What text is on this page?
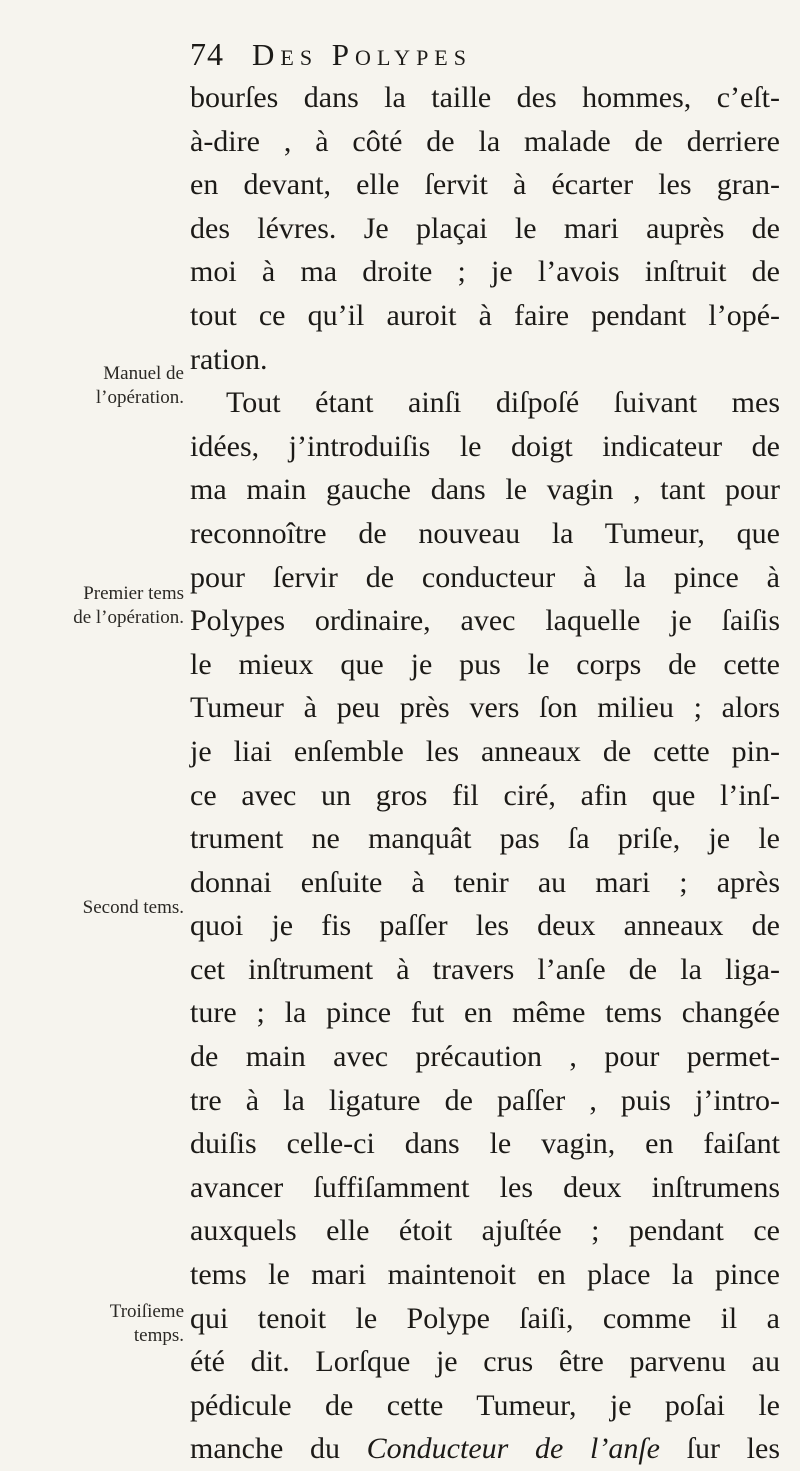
74 Des Polypes
Manuel de
l’opération.
Premier tems
de l’opération.
Second tems.
Troiſieme
temps.
bourſes dans la taille des hommes, c’eſt-
à-dire , à côté de la malade de derriere
en devant, elle ſervit à écarter les gran-
des lévres. Je plaçai le mari auprès de
moi à ma droite ; je l’avois inſtruit de
tout ce qu’il auroit à faire pendant l’opé-
ration.
Tout étant ainſi diſpoſé ſuivant mes
idées, j’introduiſis le doigt indicateur de
ma main gauche dans le vagin , tant pour
reconnoître de nouveau la Tumeur, que
pour ſervir de conducteur à la pince à
Polypes ordinaire, avec laquelle je ſaiſis
le mieux que je pus le corps de cette
Tumeur à peu près vers ſon milieu ; alors
je liai enſemble les anneaux de cette pin-
ce avec un gros fil ciré, afin que l’inſ-
trument ne manquât pas ſa priſe, je le
donnai enſuite à tenir au mari ; après
quoi je fis paſſer les deux anneaux de
cet inſtrument à travers l’anſe de la liga-
ture ; la pince fut en même tems changée
de main avec précaution , pour permet-
tre à la ligature de paſſer , puis j’intro-
duiſis celle-ci dans le vagin, en faiſant
avancer ſuffiſamment les deux inſtrumens
auxquels elle étoit ajuſtée ; pendant ce
tems le mari maintenoit en place la pince
qui tenoit le Polype ſaiſi, comme il a
été dit. Lorſque je crus être parvenu au
pédicule de cette Tumeur, je poſai le
manche du Conducteur de l’anſe ſur les
